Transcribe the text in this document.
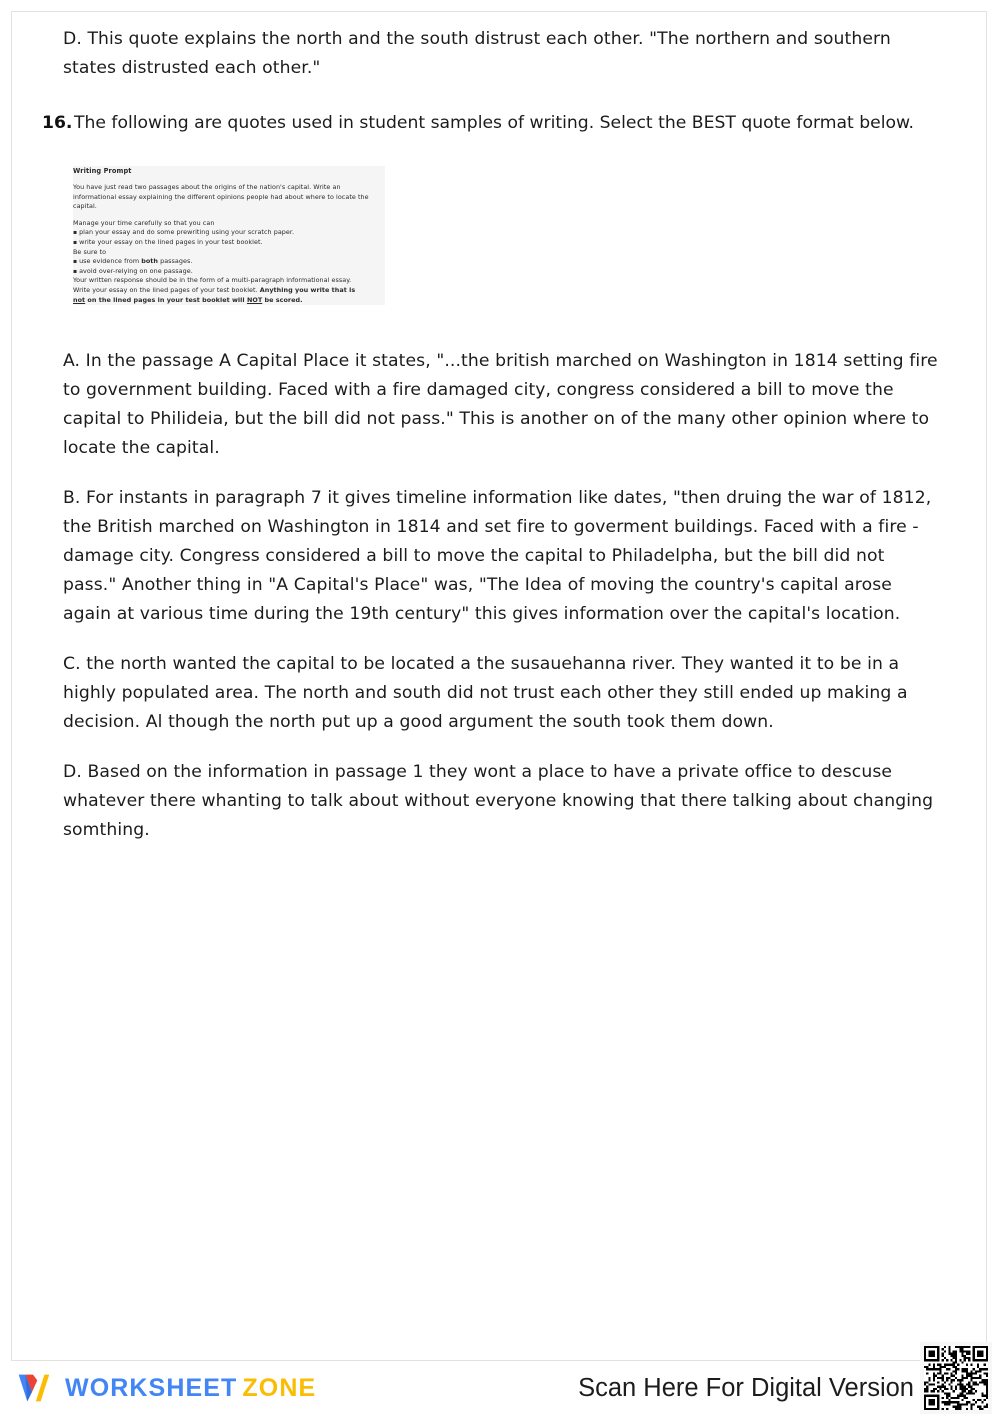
D. This quote explains the north and the south distrust each other. "The northern and southern states distrusted each other."

16. The following are quotes used in student samples of writing. Select the BEST quote format below.
Writing Prompt

You have just read two passages about the origins of the nation's capital. Write an informational essay explaining the different opinions people had about where to locate the capital.

Manage your time carefully so that you can

▪ plan your essay and do some prewriting using your scratch paper.

▪ write your essay on the lined pages in your test booklet.

Be sure to

▪ use evidence from both passages.

▪ avoid over-relying on one passage.

Your written response should be in the form of a multi-paragraph informational essay.

Write your essay on the lined pages of your test booklet. Anything you write that is

not on the lined pages in your test booklet will NOT be scored.

A. In the passage A Capital Place it states, "...the british marched on Washington in 1814 setting fire to government building. Faced with a fire damaged city, congress considered a bill to move the capital to Philideia, but the bill did not pass." This is another on of the many other opinion where to locate the capital.

B. For instants in paragraph 7 it gives timeline information like dates, "then druing the war of 1812, the British marched on Washington in 1814 and set fire to goverment buildings. Faced with a fire - damage city. Congress considered a bill to move the capital to Philadelpha, but the bill did not pass." Another thing in "A Capital's Place" was, "The Idea of moving the country's capital arose again at various time during the 19th century" this gives information over the capital's location.

C. the north wanted the capital to be located a the susauehanna river. They wanted it to be in a highly populated area. The north and south did not trust each other they still ended up making a decision. Al though the north put up a good argument the south took them down.

D. Based on the information in passage 1 they wont a place to have a private office to descuse whatever there whanting to talk about without everyone knowing that there talking about changing somthing.

WORKSHEET ZONE	Scan Here For Digital Version
